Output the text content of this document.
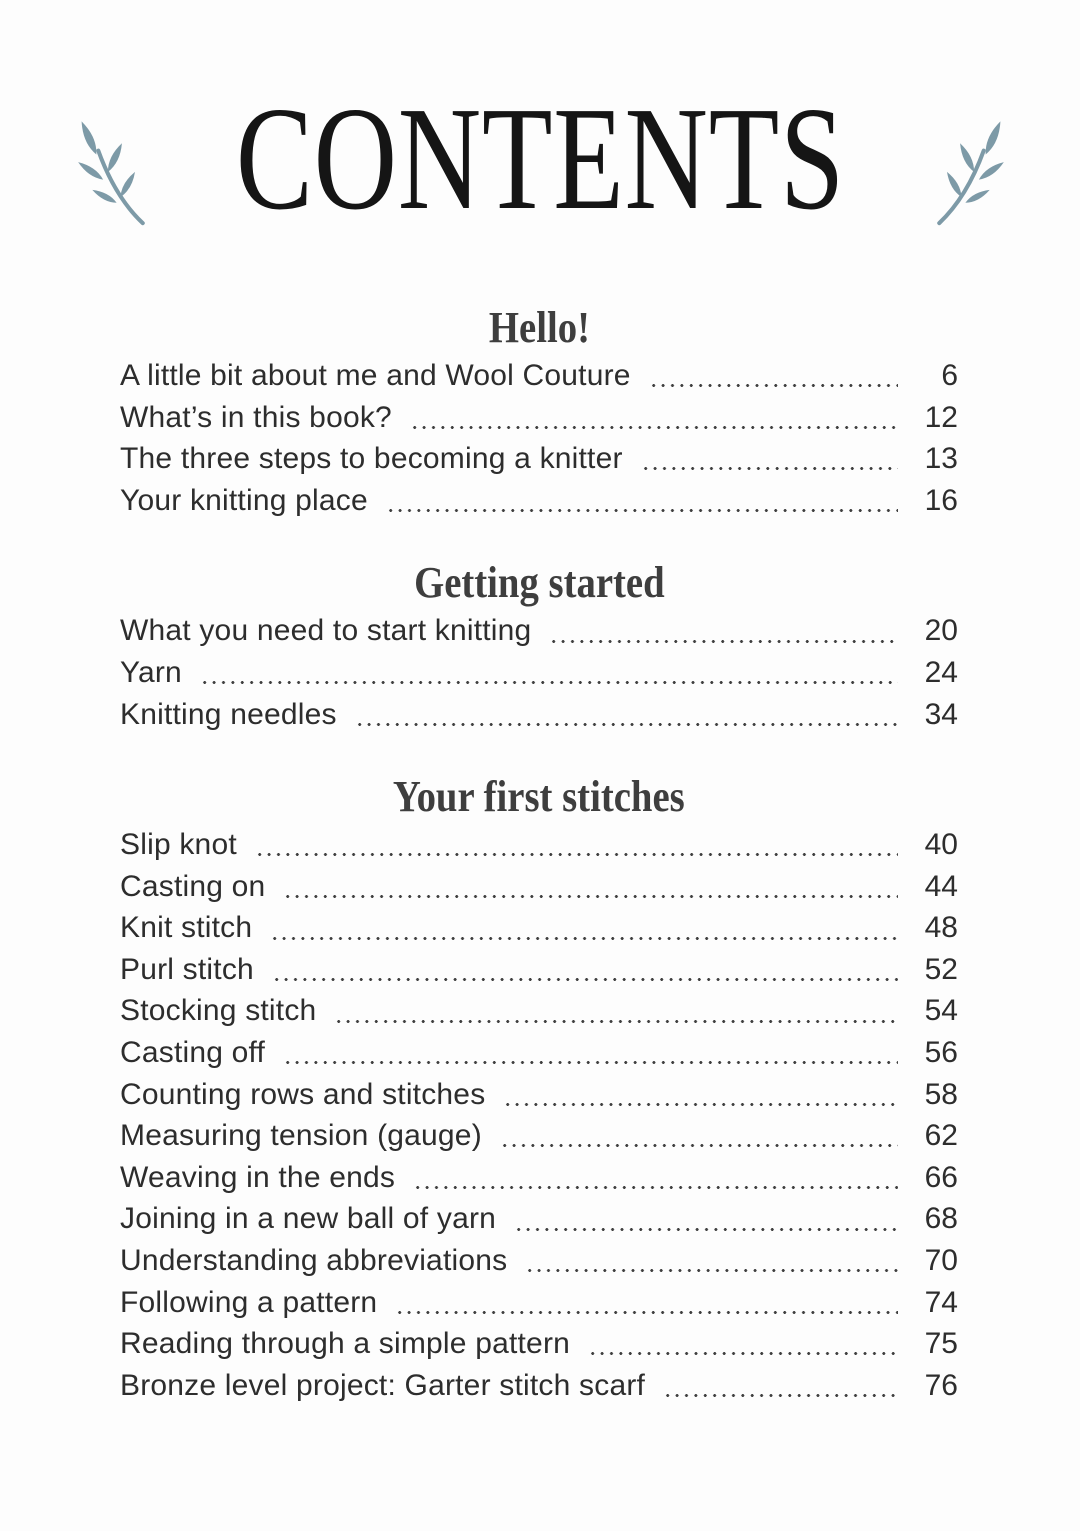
CONTENTS
Hello!
A little bit about me and Wool Couture	6
What’s in this book?	12
The three steps to becoming a knitter	13
Your knitting place	16
Getting started
What you need to start knitting	20
Yarn	24
Knitting needles	34
Your first stitches
Slip knot	40
Casting on	44
Knit stitch	48
Purl stitch	52
Stocking stitch	54
Casting off	56
Counting rows and stitches	58
Measuring tension (gauge)	62
Weaving in the ends	66
Joining in a new ball of yarn	68
Understanding abbreviations	70
Following a pattern	74
Reading through a simple pattern	75
Bronze level project: Garter stitch scarf	76
